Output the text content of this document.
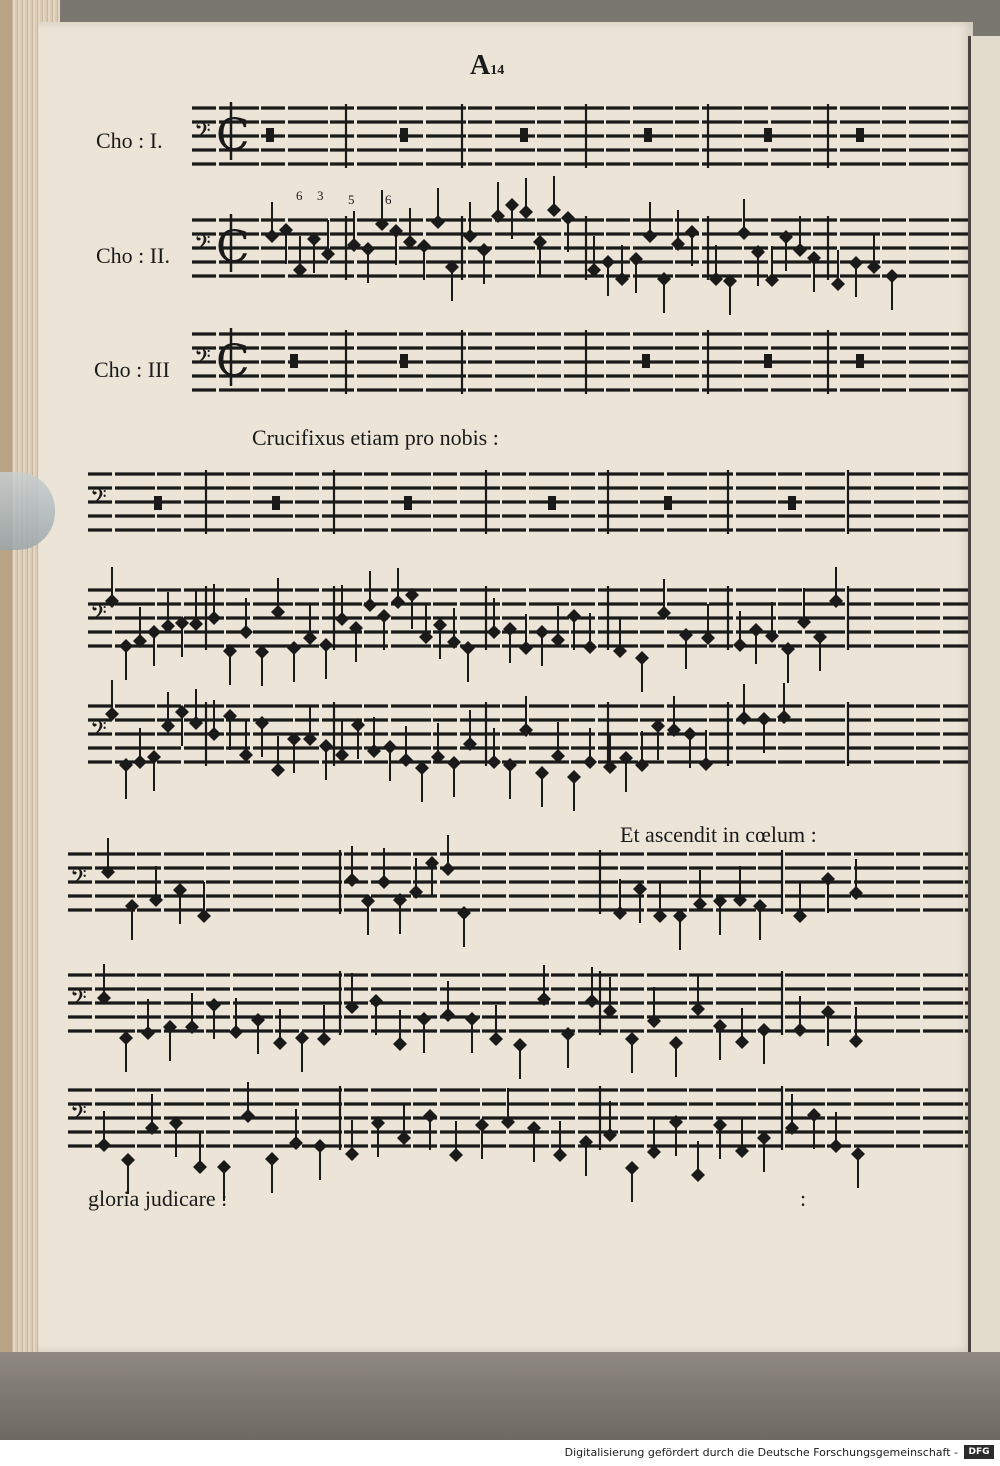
A14
Cho : I.
Cho : II.
Cho : III
Crucifixus etiam pro nobis :
Et ascendit in cœlum :
gloria judicare :	:
6 3 5 6
𝄢
𝄢
𝄢
𝄢
𝄢
𝄢
𝄢
𝄢
𝄢
C
C
C
Digitalisierung gefördert durch die Deutsche Forschungsgemeinschaft -	DFG
